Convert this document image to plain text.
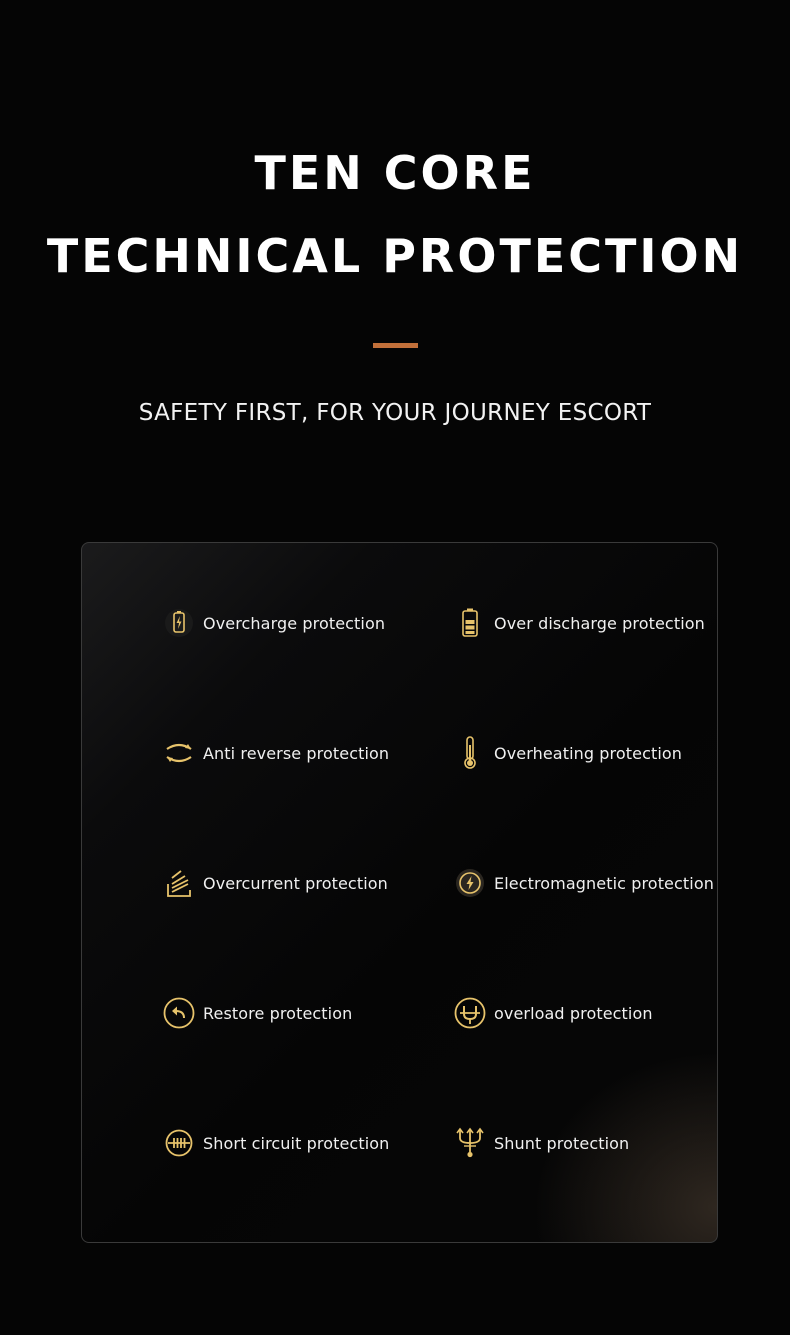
TEN CORE
TECHNICAL PROTECTION
SAFETY FIRST, FOR YOUR JOURNEY ESCORT
Overcharge protection	Over discharge protection
Anti reverse protection	Overheating protection
Overcurrent protection	Electromagnetic protection
Restore protection	overload protection
Short circuit protection	Shunt protection
